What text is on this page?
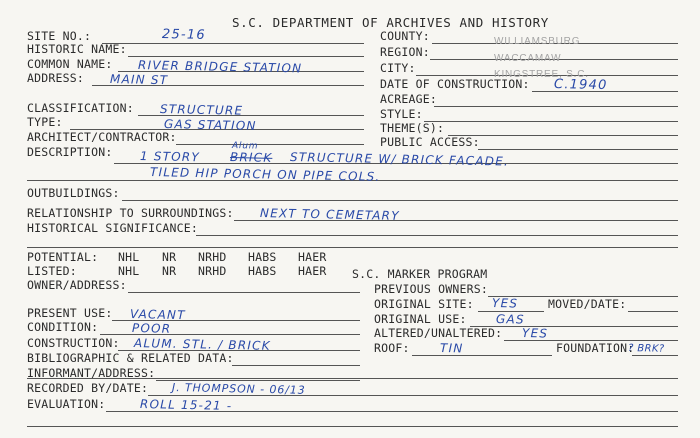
S.C. DEPARTMENT OF ARCHIVES AND HISTORY
SITE NO.:	25-16
HISTORIC NAME:
COMMON NAME: RIVER BRIDGE STATION
ADDRESS: MAIN ST
COUNTY:	WILLIAMSBURG
REGION:	WACCAMAW
CITY:	KINGSTREE, S.C.
DATE OF CONSTRUCTION: C.1940
ACREAGE:
CLASSIFICATION: STRUCTURE
TYPE:	GAS STATION
STYLE:
THEME(S):
ARCHITECT/CONTRACTOR:	PUBLIC ACCESS:
DESCRIPTION: 1 STORY
Alum
BRICK STRUCTURE W/ BRICK FACADE.
TILED HIP PORCH ON PIPE COLS.
OUTBUILDINGS:
RELATIONSHIP TO SURROUNDINGS: NEXT TO CEMETARY
HISTORICAL SIGNIFICANCE:
POTENTIAL: NHL NR NRHD HABS HAER
LISTED:	NHL NR NRHD HABS HAER S.C. MARKER PROGRAM
OWNER/ADDRESS:	PREVIOUS OWNERS:
ORIGINAL SITE: YES	MOVED/DATE:
PRESENT USE: VACANT	ORIGINAL USE: GAS
CONDITION:	POOR	ALTERED/UNALTERED: YES
CONSTRUCTION: ALUM. STL. / BRICK	ROOF:	TIN	FOUNDATION:
? BRK?
BIBLIOGRAPHIC & RELATED DATA:
INFORMANT/ADDRESS:
RECORDED BY/DATE: J. THOMPSON - 06/13
EVALUATION:	ROLL 15-21 -
